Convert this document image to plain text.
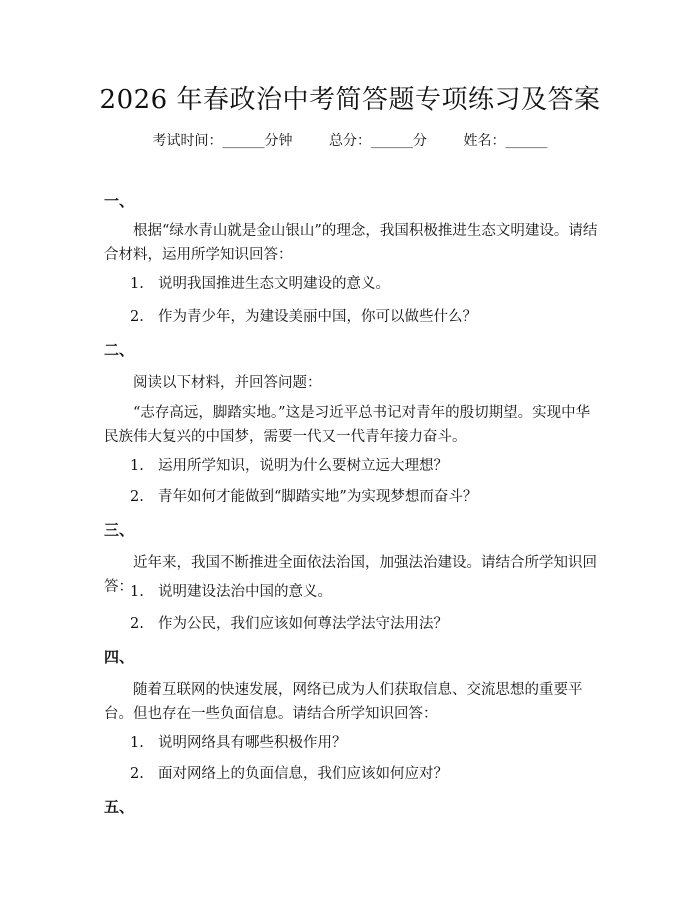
2026 年春政治中考简答题专项练习及答案
考试时间：______分钟	总分：______分	姓名：______
一、
根据“绿水青山就是金山银山”的理念，我国积极推进生态文明建设。请结合材料，运用所学知识回答：
1. 说明我国推进生态文明建设的意义。
2. 作为青少年，为建设美丽中国，你可以做些什么？
二、
阅读以下材料，并回答问题：
“志存高远，脚踏实地。”这是习近平总书记对青年的殷切期望。实现中华民族伟大复兴的中国梦，需要一代又一代青年接力奋斗。
1. 运用所学知识，说明为什么要树立远大理想？
2. 青年如何才能做到“脚踏实地”为实现梦想而奋斗？
三、
近年来，我国不断推进全面依法治国，加强法治建设。请结合所学知识回答：
1. 说明建设法治中国的意义。
2. 作为公民，我们应该如何尊法学法守法用法？
四、
随着互联网的快速发展，网络已成为人们获取信息、交流思想的重要平台。但也存在一些负面信息。请结合所学知识回答：
1. 说明网络具有哪些积极作用？
2. 面对网络上的负面信息，我们应该如何应对？
五、
